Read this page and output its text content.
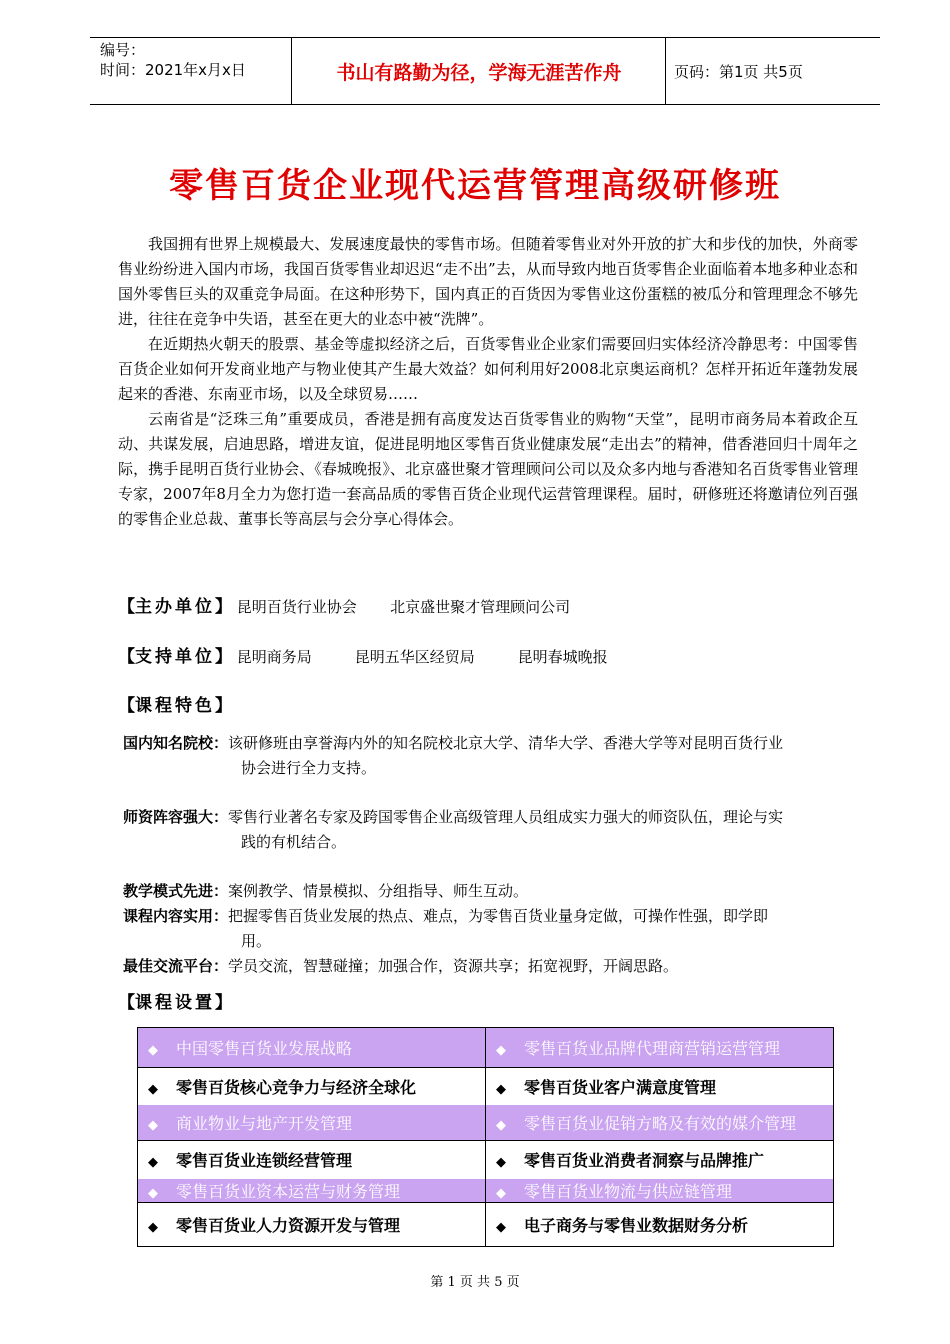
编号：
时间：2021年x月x日	书山有路勤为径，学海无涯苦作舟	页码：第1页 共5页
零售百货企业现代运营管理高级研修班

我国拥有世界上规模最大、发展速度最快的零售市场。但随着零售业对外开放的扩大和步伐的加快，外商零售业纷纷进入国内市场，我国百货零售业却迟迟“走不出”去，从而导致内地百货零售企业面临着本地多种业态和国外零售巨头的双重竞争局面。在这种形势下，国内真正的百货因为零售业这份蛋糕的被瓜分和管理理念不够先进，往往在竞争中失语，甚至在更大的业态中被“洗牌”。

在近期热火朝天的股票、基金等虚拟经济之后，百货零售业企业家们需要回归实体经济冷静思考：中国零售百货企业如何开发商业地产与物业使其产生最大效益？如何利用好2008北京奥运商机？怎样开拓近年蓬勃发展起来的香港、东南亚市场，以及全球贸易……

云南省是“泛珠三角”重要成员，香港是拥有高度发达百货零售业的购物“天堂”，昆明市商务局本着政企互动、共谋发展，启迪思路，增进友谊，促进昆明地区零售百货业健康发展“走出去”的精神，借香港回归十周年之际，携手昆明百货行业协会、《春城晚报》、北京盛世聚才管理顾问公司以及众多内地与香港知名百货零售业管理专家，2007年8月全力为您打造一套高品质的零售百货企业现代运营管理课程。届时，研修班还将邀请位列百强的零售企业总裁、董事长等高层与会分享心得体会。

【主办单位】 昆明百货行业协会       北京盛世聚才管理顾问公司
【支持单位】 昆明商务局         昆明五华区经贸局         昆明春城晚报
【课程特色】
国内知名院校：该研修班由享誉海内外的知名院校北京大学、清华大学、香港大学等对昆明百货行业
协会进行全力支持。
师资阵容强大：零售行业著名专家及跨国零售企业高级管理人员组成实力强大的师资队伍，理论与实
践的有机结合。
教学模式先进：案例教学、情景模拟、分组指导、师生互动。
课程内容实用：把握零售百货业发展的热点、难点，为零售百货业量身定做，可操作性强，即学即
用。
最佳交流平台：学员交流，智慧碰撞；加强合作，资源共享；拓宽视野，开阔思路。
【课程设置】
◆ 中国零售百货业发展战略	◆ 零售百货业品牌代理商营销运营管理
◆ 零售百货核心竞争力与经济全球化	◆ 零售百货业客户满意度管理
◆ 商业物业与地产开发管理	◆ 零售百货业促销方略及有效的媒介管理
◆ 零售百货业连锁经营管理	◆ 零售百货业消费者洞察与品牌推广
◆ 零售百货业资本运营与财务管理	◆ 零售百货业物流与供应链管理
◆ 零售百货业人力资源开发与管理	◆ 电子商务与零售业数据财务分析
第 1 页 共 5 页
